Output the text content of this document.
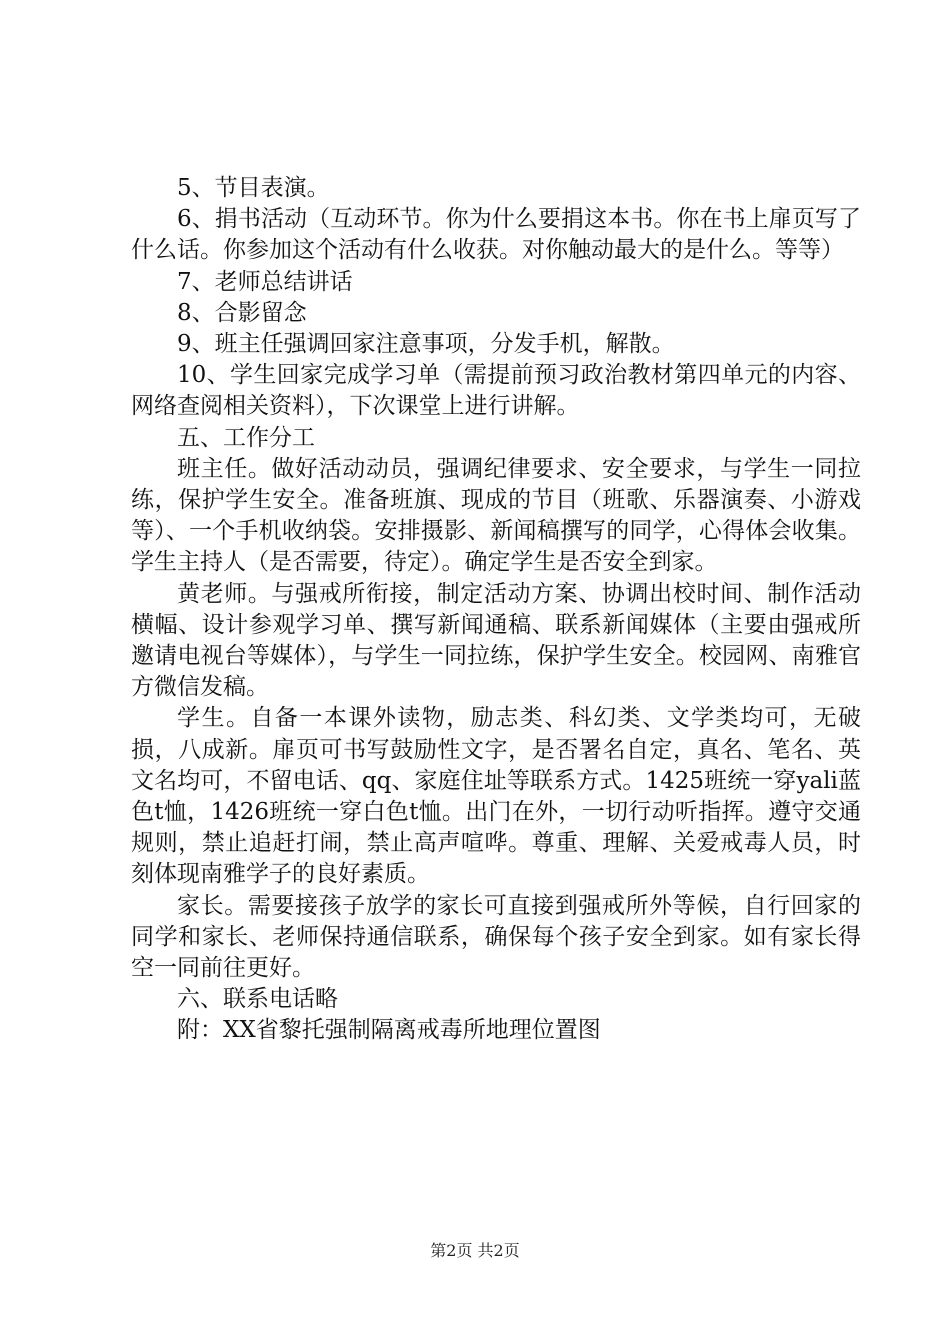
5、节目表演。

6、捐书活动（互动环节。你为什么要捐这本书。你在书上扉页写了什么话。你参加这个活动有什么收获。对你触动最大的是什么。等等）

7、老师总结讲话

8、合影留念

9、班主任强调回家注意事项，分发手机，解散。

10、学生回家完成学习单（需提前预习政治教材第四单元的内容、网络查阅相关资料），下次课堂上进行讲解。

五、工作分工

班主任。做好活动动员，强调纪律要求、安全要求，与学生一同拉练，保护学生安全。准备班旗、现成的节目（班歌、乐器演奏、小游戏等）、一个手机收纳袋。安排摄影、新闻稿撰写的同学，心得体会收集。学生主持人（是否需要，待定）。确定学生是否安全到家。

黄老师。与强戒所衔接，制定活动方案、协调出校时间、制作活动横幅、设计参观学习单、撰写新闻通稿、联系新闻媒体（主要由强戒所邀请电视台等媒体），与学生一同拉练，保护学生安全。校园网、南雅官方微信发稿。

学生。自备一本课外读物，励志类、科幻类、文学类均可，无破损，八成新。扉页可书写鼓励性文字，是否署名自定，真名、笔名、英文名均可，不留电话、qq、家庭住址等联系方式。1425班统一穿yali蓝色t恤，1426班统一穿白色t恤。出门在外，一切行动听指挥。遵守交通规则，禁止追赶打闹，禁止高声喧哗。尊重、理解、关爱戒毒人员，时刻体现南雅学子的良好素质。

家长。需要接孩子放学的家长可直接到强戒所外等候，自行回家的同学和家长、老师保持通信联系，确保每个孩子安全到家。如有家长得空一同前往更好。

六、联系电话略

附：XX省黎托强制隔离戒毒所地理位置图

第2页 共2页
